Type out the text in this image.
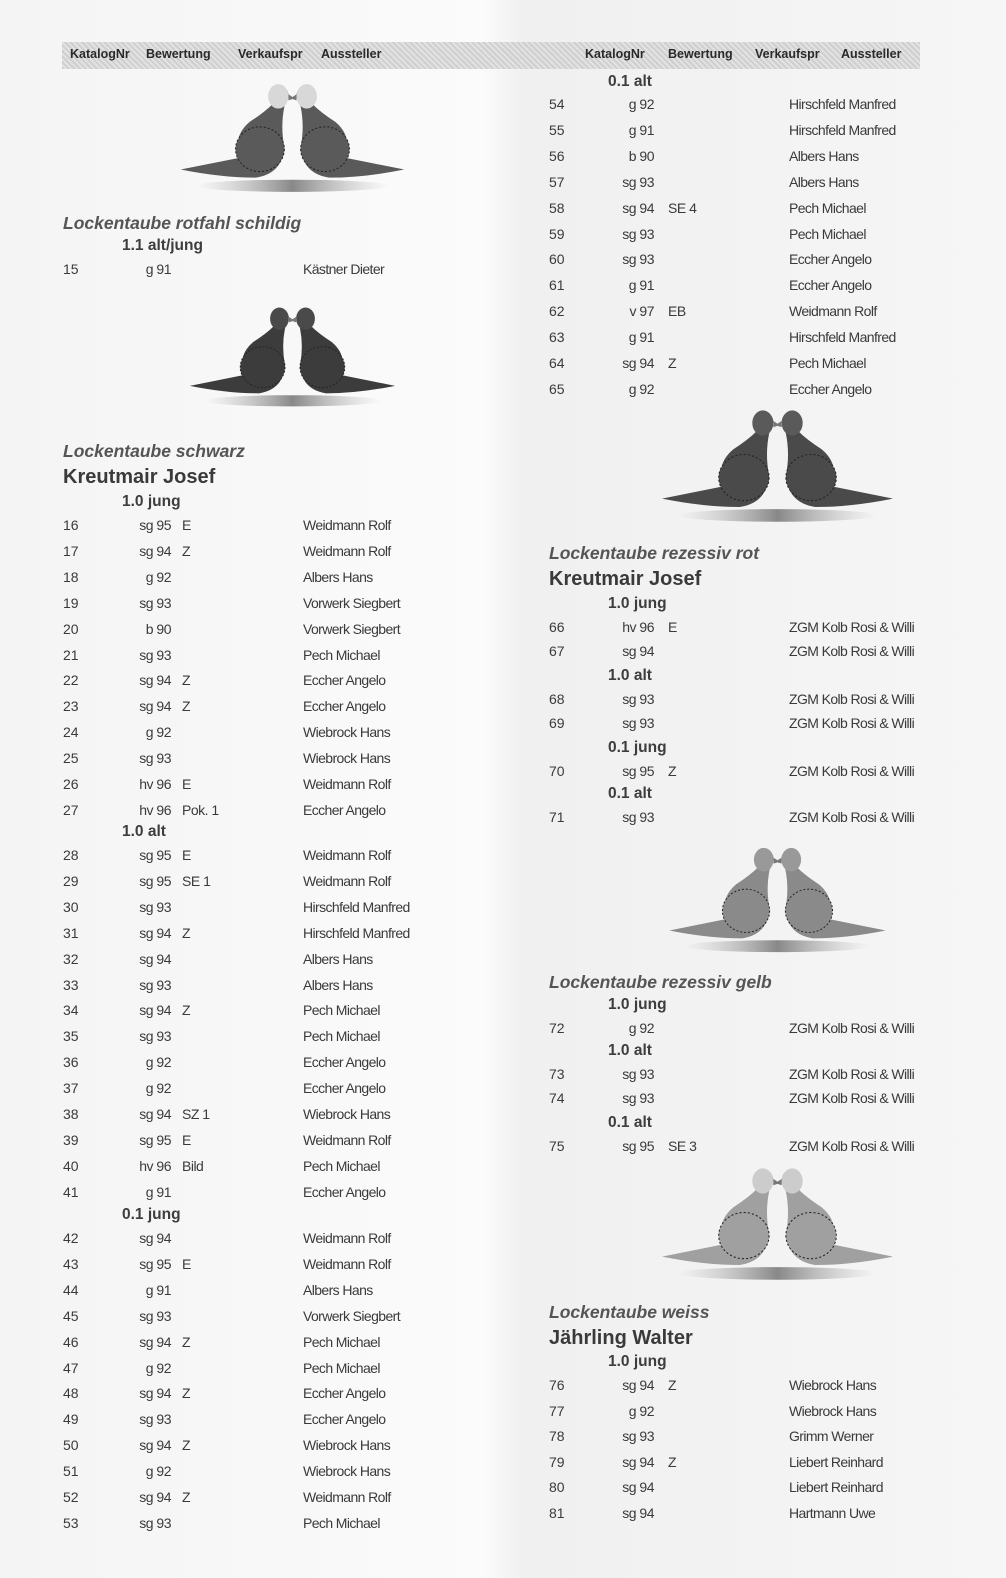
KatalogNr Bewertung Verkaufspr Aussteller	KatalogNr Bewertung Verkaufspr Aussteller
Lockentaube rotfahl schildig
1.1 alt/jung
15	g 91	Kästner Dieter
Lockentaube schwarz
Kreutmair Josef
1.0 jung
16	sg 95 E	Weidmann Rolf
17	sg 94 Z	Weidmann Rolf
18	g 92	Albers Hans
19	sg 93	Vorwerk Siegbert
20	b 90	Vorwerk Siegbert
21	sg 93	Pech Michael
22	sg 94 Z	Eccher Angelo
23	sg 94 Z	Eccher Angelo
24	g 92	Wiebrock Hans
25	sg 93	Wiebrock Hans
26	hv 96 E	Weidmann Rolf
27	hv 96 Pok. 1	Eccher Angelo
1.0 alt
28	sg 95 E	Weidmann Rolf
29	sg 95 SE 1	Weidmann Rolf
30	sg 93	Hirschfeld Manfred
31	sg 94 Z	Hirschfeld Manfred
32	sg 94	Albers Hans
33	sg 93	Albers Hans
34	sg 94 Z	Pech Michael
35	sg 93	Pech Michael
36	g 92	Eccher Angelo
37	g 92	Eccher Angelo
38	sg 94 SZ 1	Wiebrock Hans
39	sg 95 E	Weidmann Rolf
40	hv 96 Bild	Pech Michael
41	g 91	Eccher Angelo
0.1 jung
42	sg 94	Weidmann Rolf
43	sg 95 E	Weidmann Rolf
44	g 91	Albers Hans
45	sg 93	Vorwerk Siegbert
46	sg 94 Z	Pech Michael
47	g 92	Pech Michael
48	sg 94 Z	Eccher Angelo
49	sg 93	Eccher Angelo
50	sg 94 Z	Wiebrock Hans
51	g 92	Wiebrock Hans
52	sg 94 Z	Weidmann Rolf
53	sg 93	Pech Michael
0.1 alt
54	g 92	Hirschfeld Manfred
55	g 91	Hirschfeld Manfred
56	b 90	Albers Hans
57	sg 93	Albers Hans
58	sg 94 SE 4	Pech Michael
59	sg 93	Pech Michael
60	sg 93	Eccher Angelo
61	g 91	Eccher Angelo
62	v 97 EB	Weidmann Rolf
63	g 91	Hirschfeld Manfred
64	sg 94 Z	Pech Michael
65	g 92	Eccher Angelo
Lockentaube rezessiv rot
Kreutmair Josef
1.0 jung
66	hv 96 E	ZGM Kolb Rosi & Willi
67	sg 94	ZGM Kolb Rosi & Willi
1.0 alt
68	sg 93	ZGM Kolb Rosi & Willi
69	sg 93	ZGM Kolb Rosi & Willi
0.1 jung
70	sg 95 Z	ZGM Kolb Rosi & Willi
0.1 alt
71	sg 93	ZGM Kolb Rosi & Willi
Lockentaube rezessiv gelb
1.0 jung
72	g 92	ZGM Kolb Rosi & Willi
1.0 alt
73	sg 93	ZGM Kolb Rosi & Willi
74	sg 93	ZGM Kolb Rosi & Willi
0.1 alt
75	sg 95 SE 3	ZGM Kolb Rosi & Willi
Lockentaube weiss
Jährling Walter
1.0 jung
76	sg 94 Z	Wiebrock Hans
77	g 92	Wiebrock Hans
78	sg 93	Grimm Werner
79	sg 94 Z	Liebert Reinhard
80	sg 94	Liebert Reinhard
81	sg 94	Hartmann Uwe
